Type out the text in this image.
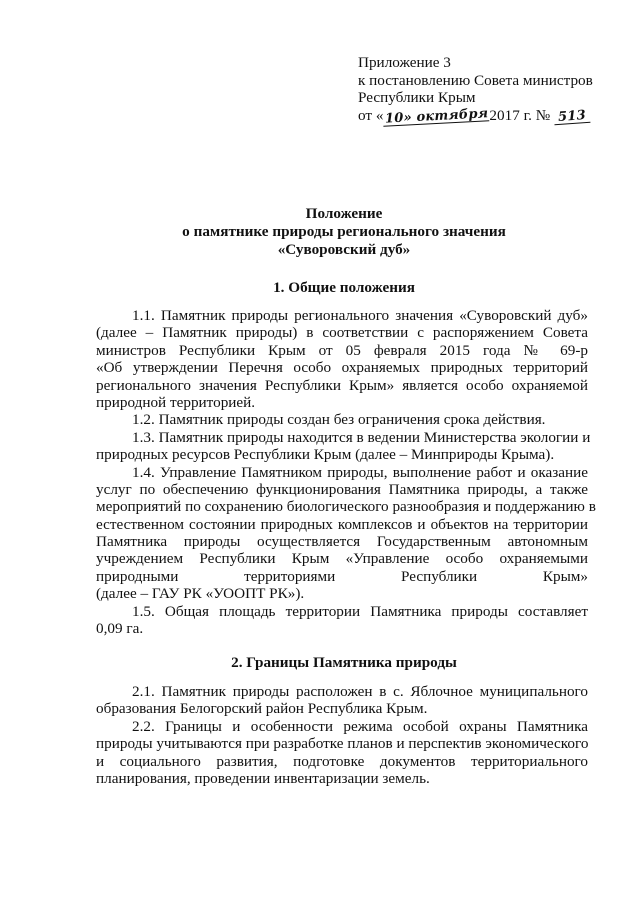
Приложение 3
к постановлению Совета министров
Республики Крым
от « 10» октября2017 г. № 513
Положение
о памятнике природы регионального значения
«Суворовский дуб»
1. Общие положения
1.1. Памятник природы регионального значения «Суворовский дуб»
(далее – Памятник природы) в соответствии с распоряжением Совета
министров Республики Крым от 05 февраля 2015 года № 69-р
«Об утверждении Перечня особо охраняемых природных территорий
регионального значения Республики Крым» является особо охраняемой
природной территорией.
1.2. Памятник природы создан без ограничения срока действия.
1.3. Памятник природы находится в ведении Министерства экологии и
природных ресурсов Республики Крым (далее – Минприроды Крыма).
1.4. Управление Памятником природы, выполнение работ и оказание
услуг по обеспечению функционирования Памятника природы, а также
мероприятий по сохранению биологического разнообразия и поддержанию в
естественном состоянии природных комплексов и объектов на территории
Памятника природы осуществляется Государственным автономным
учреждением Республики Крым «Управление особо охраняемыми
природными территориями Республики Крым»
(далее – ГАУ РК «УООПТ РК»).
1.5. Общая площадь территории Памятника природы составляет
0,09 га.
2. Границы Памятника природы
2.1. Памятник природы расположен в с. Яблочное муниципального
образования Белогорский район Республика Крым.
2.2. Границы и особенности режима особой охраны Памятника
природы учитываются при разработке планов и перспектив экономического
и социального развития, подготовке документов территориального
планирования, проведении инвентаризации земель.
